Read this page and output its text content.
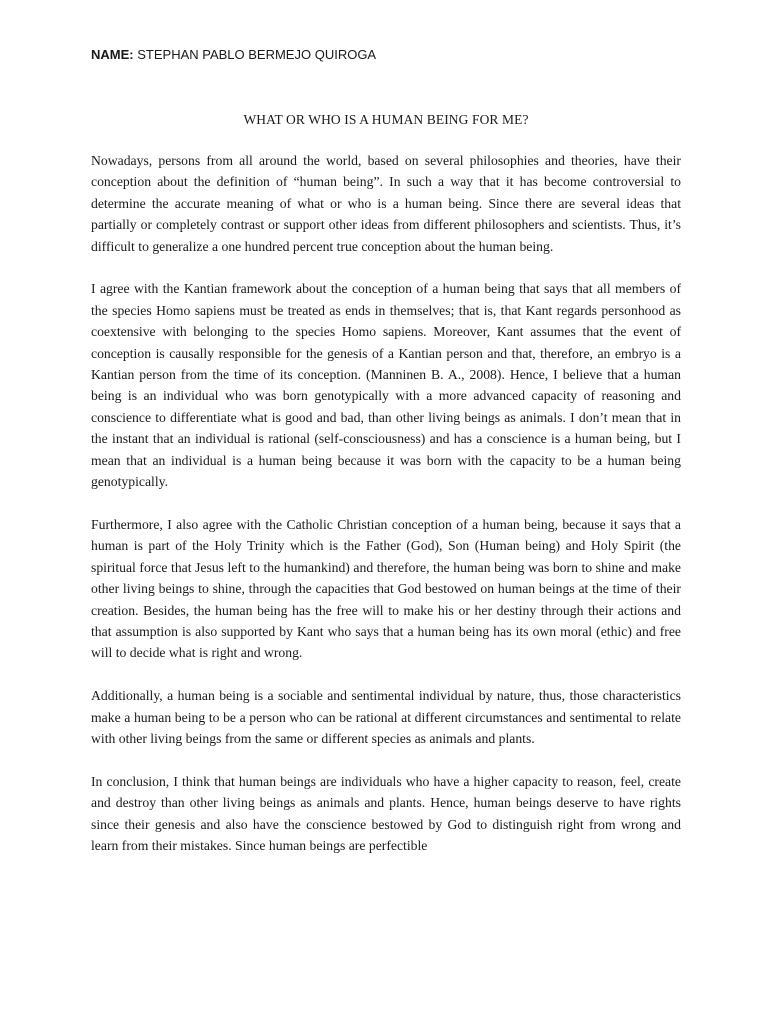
NAME: STEPHAN PABLO BERMEJO QUIROGA
WHAT OR WHO IS A HUMAN BEING FOR ME?

Nowadays, persons from all around the world, based on several philosophies and theories, have their conception about the definition of “human being”. In such a way that it has become controversial to determine the accurate meaning of what or who is a human being. Since there are several ideas that partially or completely contrast or support other ideas from different philosophers and scientists. Thus, it’s difficult to generalize a one hundred percent true conception about the human being.

I agree with the Kantian framework about the conception of a human being that says that all members of the species Homo sapiens must be treated as ends in themselves; that is, that Kant regards personhood as coextensive with belonging to the species Homo sapiens. Moreover, Kant assumes that the event of conception is causally responsible for the genesis of a Kantian person and that, therefore, an embryo is a Kantian person from the time of its conception. (Manninen B. A., 2008). Hence, I believe that a human being is an individual who was born genotypically with a more advanced capacity of reasoning and conscience to differentiate what is good and bad, than other living beings as animals. I don’t mean that in the instant that an individual is rational (self-consciousness) and has a conscience is a human being, but I mean that an individual is a human being because it was born with the capacity to be a human being genotypically.

Furthermore, I also agree with the Catholic Christian conception of a human being, because it says that a human is part of the Holy Trinity which is the Father (God), Son (Human being) and Holy Spirit (the spiritual force that Jesus left to the humankind) and therefore, the human being was born to shine and make other living beings to shine, through the capacities that God bestowed on human beings at the time of their creation. Besides, the human being has the free will to make his or her destiny through their actions and that assumption is also supported by Kant who says that a human being has its own moral (ethic) and free will to decide what is right and wrong.

Additionally, a human being is a sociable and sentimental individual by nature, thus, those characteristics make a human being to be a person who can be rational at different circumstances and sentimental to relate with other living beings from the same or different species as animals and plants.

In conclusion, I think that human beings are individuals who have a higher capacity to reason, feel, create and destroy than other living beings as animals and plants. Hence, human beings deserve to have rights since their genesis and also have the conscience bestowed by God to distinguish right from wrong and learn from their mistakes. Since human beings are perfectible
